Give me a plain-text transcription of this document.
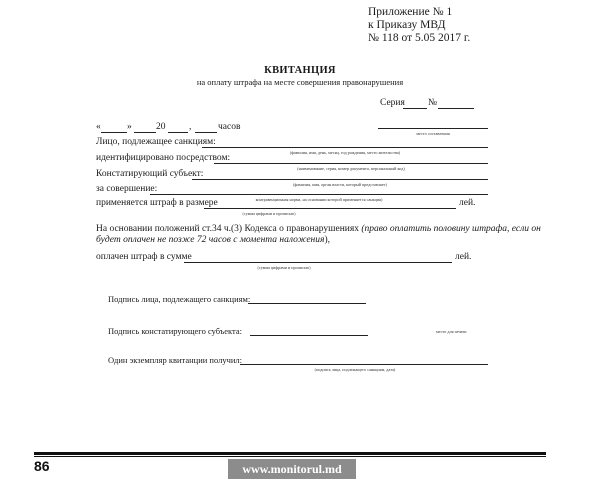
Приложение № 1
к Приказу МВД
№ 118 от 5.05 2017 г.
КВИТАНЦИЯ
на оплату штрафа на месте совершения правонарушения
Серия №
«	»	20 ,	часов
место составления
Лицо, подлежащее санкциям:
(фамилия, имя, день, месяц, год рождения, место жительства)
идентифицировано посредством:
(наименование, серия, номер документа, персональный код)
Констатирующий субъект:
(фамилия, имя, орган власти, который представляет)
за совершение:
контравенционная норма, на основании которой применяется санкция)
применяется штраф в размере	лей.
(сумма цифрами и прописью)
На основании положений ст.34 ч.(3) Кодекса о правонарушениях (право оплатить половину штрафа, если он
будет оплачен не позже 72 часов с момента наложения),
оплачен штраф в сумме	лей.
(сумма цифрами и прописью)
Подпись лица, подлежащего санкциям:
Подпись констатирующего субъекта:	место для печати
Один экземпляр квитанции получил:
(подпись лица, подлежащего санкциям, дата)
86	www.monitorul.md
